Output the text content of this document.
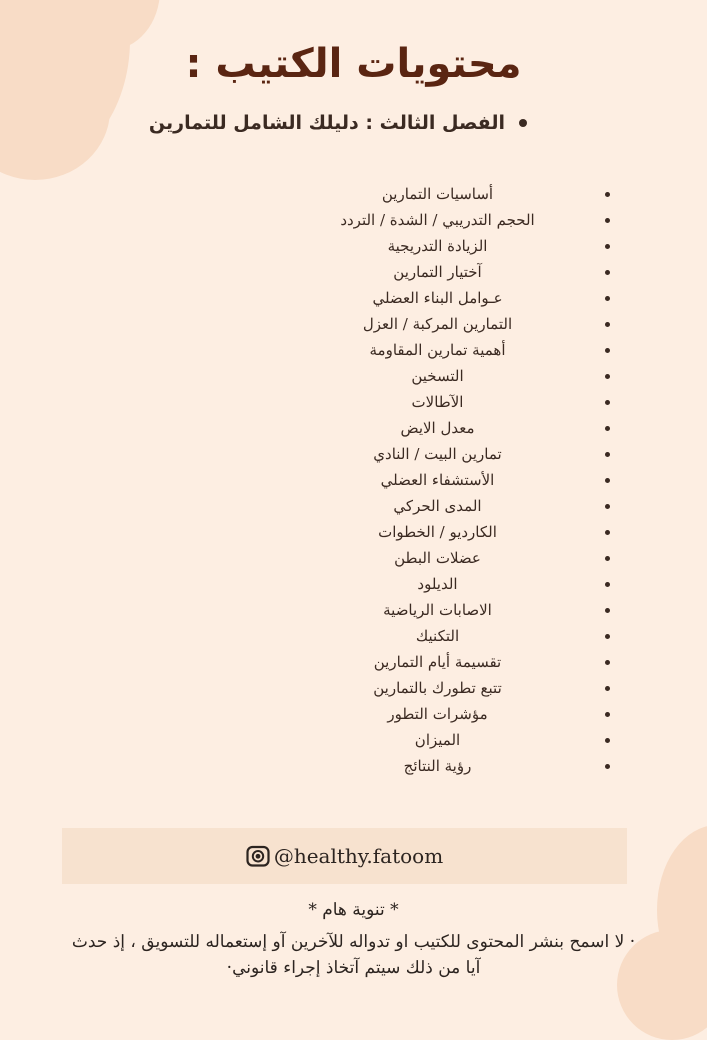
محتويات الكتيب :
الفصل الثالث : دليلك الشامل للتمارين
أساسيات التمارين
الحجم التدريبي / الشدة / التردد
الزيادة التدريجية
آختيار التمارين
عـوامل البناء العضلي
التمارين المركبة / العزل
أهمية تمارين المقاومة
التسخين
الآطالات
معدل الايض
تمارين البيت / النادي
الأستشفاء العضلي
المدى الحركي
الكارديو / الخطوات
عضلات البطن
الديلود
الاصابات الرياضية
التكنيك
تقسيمة أيام التمارين
تتبع تطورك بالتمارين
مؤشرات التطور
الميزان
رؤية النتائج
@healthy.fatoom
* تنوية هام *
· لا اسمح بنشر المحتوى للكتيب او تدواله للآخرين آو إستعماله للتسويق ، إذ حدث آيا من ذلك سيتم آتخاذ إجراء قانوني·
